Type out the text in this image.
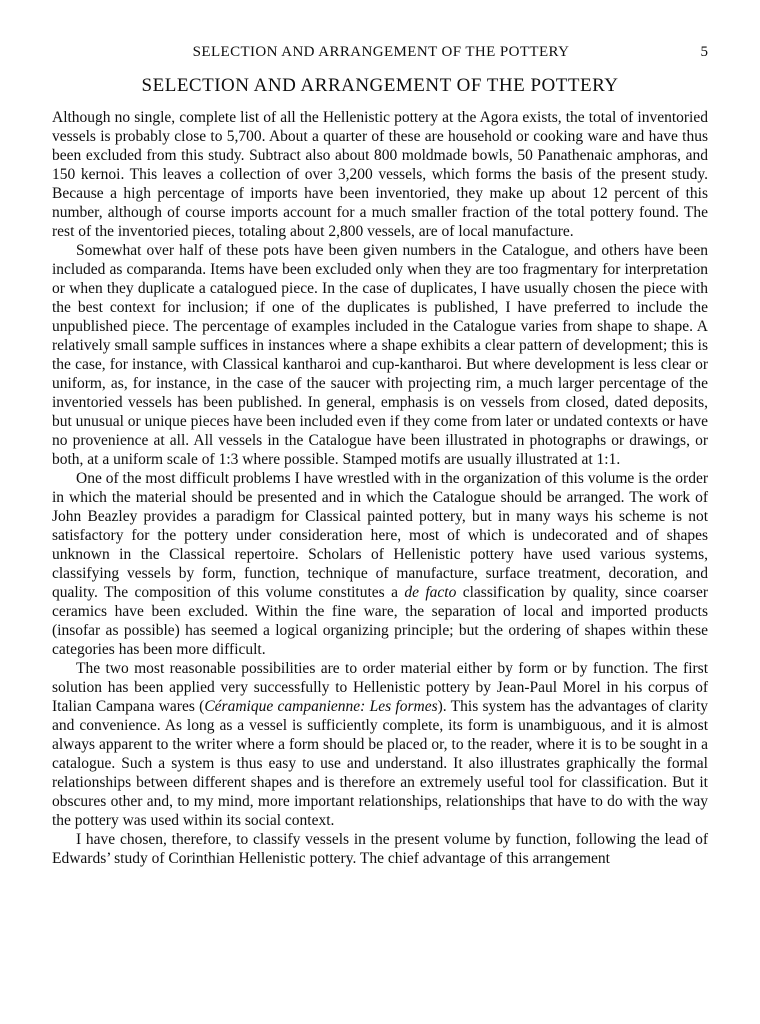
SELECTION AND ARRANGEMENT OF THE POTTERY	5
SELECTION AND ARRANGEMENT OF THE POTTERY

Although no single, complete list of all the Hellenistic pottery at the Agora exists, the total of inventoried vessels is probably close to 5,700. About a quarter of these are household or cooking ware and have thus been excluded from this study. Subtract also about 800 moldmade bowls, 50 Panathenaic amphoras, and 150 kernoi. This leaves a collection of over 3,200 vessels, which forms the basis of the present study. Because a high percentage of imports have been inventoried, they make up about 12 percent of this number, although of course imports account for a much smaller fraction of the total pottery found. The rest of the inventoried pieces, totaling about 2,800 vessels, are of local manufacture.

Somewhat over half of these pots have been given numbers in the Catalogue, and others have been included as comparanda. Items have been excluded only when they are too fragmentary for interpretation or when they duplicate a catalogued piece. In the case of duplicates, I have usually chosen the piece with the best context for inclusion; if one of the duplicates is published, I have preferred to include the unpublished piece. The percentage of examples included in the Catalogue varies from shape to shape. A relatively small sample suffices in instances where a shape exhibits a clear pattern of development; this is the case, for instance, with Classical kantharoi and cup-kantharoi. But where development is less clear or uniform, as, for instance, in the case of the saucer with projecting rim, a much larger percentage of the inventoried vessels has been published. In general, emphasis is on vessels from closed, dated deposits, but unusual or unique pieces have been included even if they come from later or undated contexts or have no provenience at all. All vessels in the Catalogue have been illustrated in photographs or drawings, or both, at a uniform scale of 1:3 where possible. Stamped motifs are usually illustrated at 1:1.

One of the most difficult problems I have wrestled with in the organization of this volume is the order in which the material should be presented and in which the Catalogue should be arranged. The work of John Beazley provides a paradigm for Classical painted pottery, but in many ways his scheme is not satisfactory for the pottery under consideration here, most of which is undecorated and of shapes unknown in the Classical repertoire. Scholars of Hellenistic pottery have used various systems, classifying vessels by form, function, technique of manufacture, surface treatment, decoration, and quality. The composition of this volume constitutes a de facto classification by quality, since coarser ceramics have been excluded. Within the fine ware, the separation of local and imported products (insofar as possible) has seemed a logical organizing principle; but the ordering of shapes within these categories has been more difficult.

The two most reasonable possibilities are to order material either by form or by function. The first solution has been applied very successfully to Hellenistic pottery by Jean-Paul Morel in his corpus of Italian Campana wares (Céramique campanienne: Les formes). This system has the advantages of clarity and convenience. As long as a vessel is sufficiently complete, its form is unambiguous, and it is almost always apparent to the writer where a form should be placed or, to the reader, where it is to be sought in a catalogue. Such a system is thus easy to use and understand. It also illustrates graphically the formal relationships between different shapes and is therefore an extremely useful tool for classification. But it obscures other and, to my mind, more important relationships, relationships that have to do with the way the pottery was used within its social context.

I have chosen, therefore, to classify vessels in the present volume by function, following the lead of Edwards’ study of Corinthian Hellenistic pottery. The chief advantage of this arrangement
